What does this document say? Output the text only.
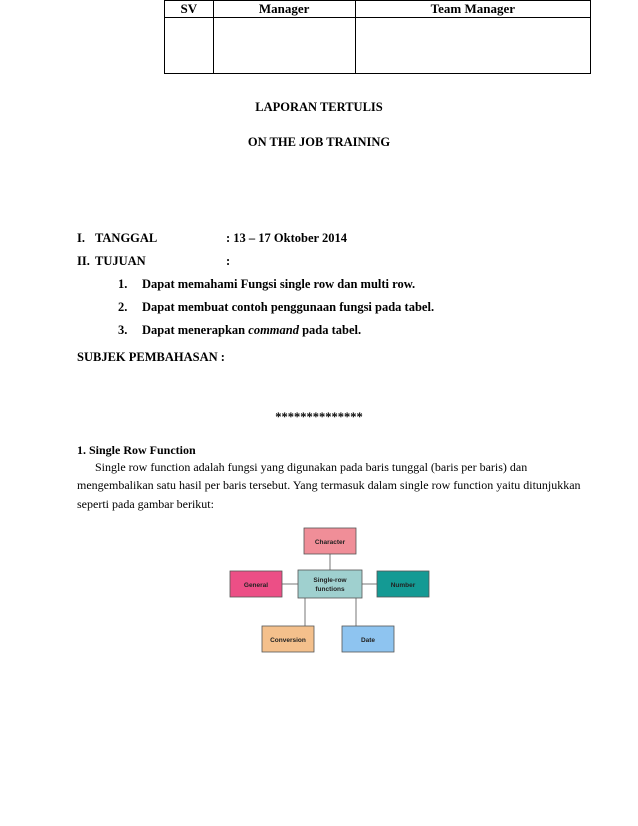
SV	Manager	Team Manager

LAPORAN TERTULIS
ON THE JOB TRAINING
I. TANGGAL	: 13 – 17 Oktober 2014
II. TUJUAN	:
1. Dapat memahami Fungsi single row dan multi row.
2. Dapat membuat contoh penggunaan fungsi pada tabel.
3. Dapat menerapkan command pada tabel.
SUBJEK PEMBAHASAN :
**************
1. Single Row Function
Single row function adalah fungsi yang digunakan pada baris tunggal (baris per baris) dan
mengembalikan satu hasil per baris tersebut. Yang termasuk dalam single row function yaitu ditunjukkan
seperti pada gambar berikut:
Character
General
Single-row
functions
Number
Conversion	Date
